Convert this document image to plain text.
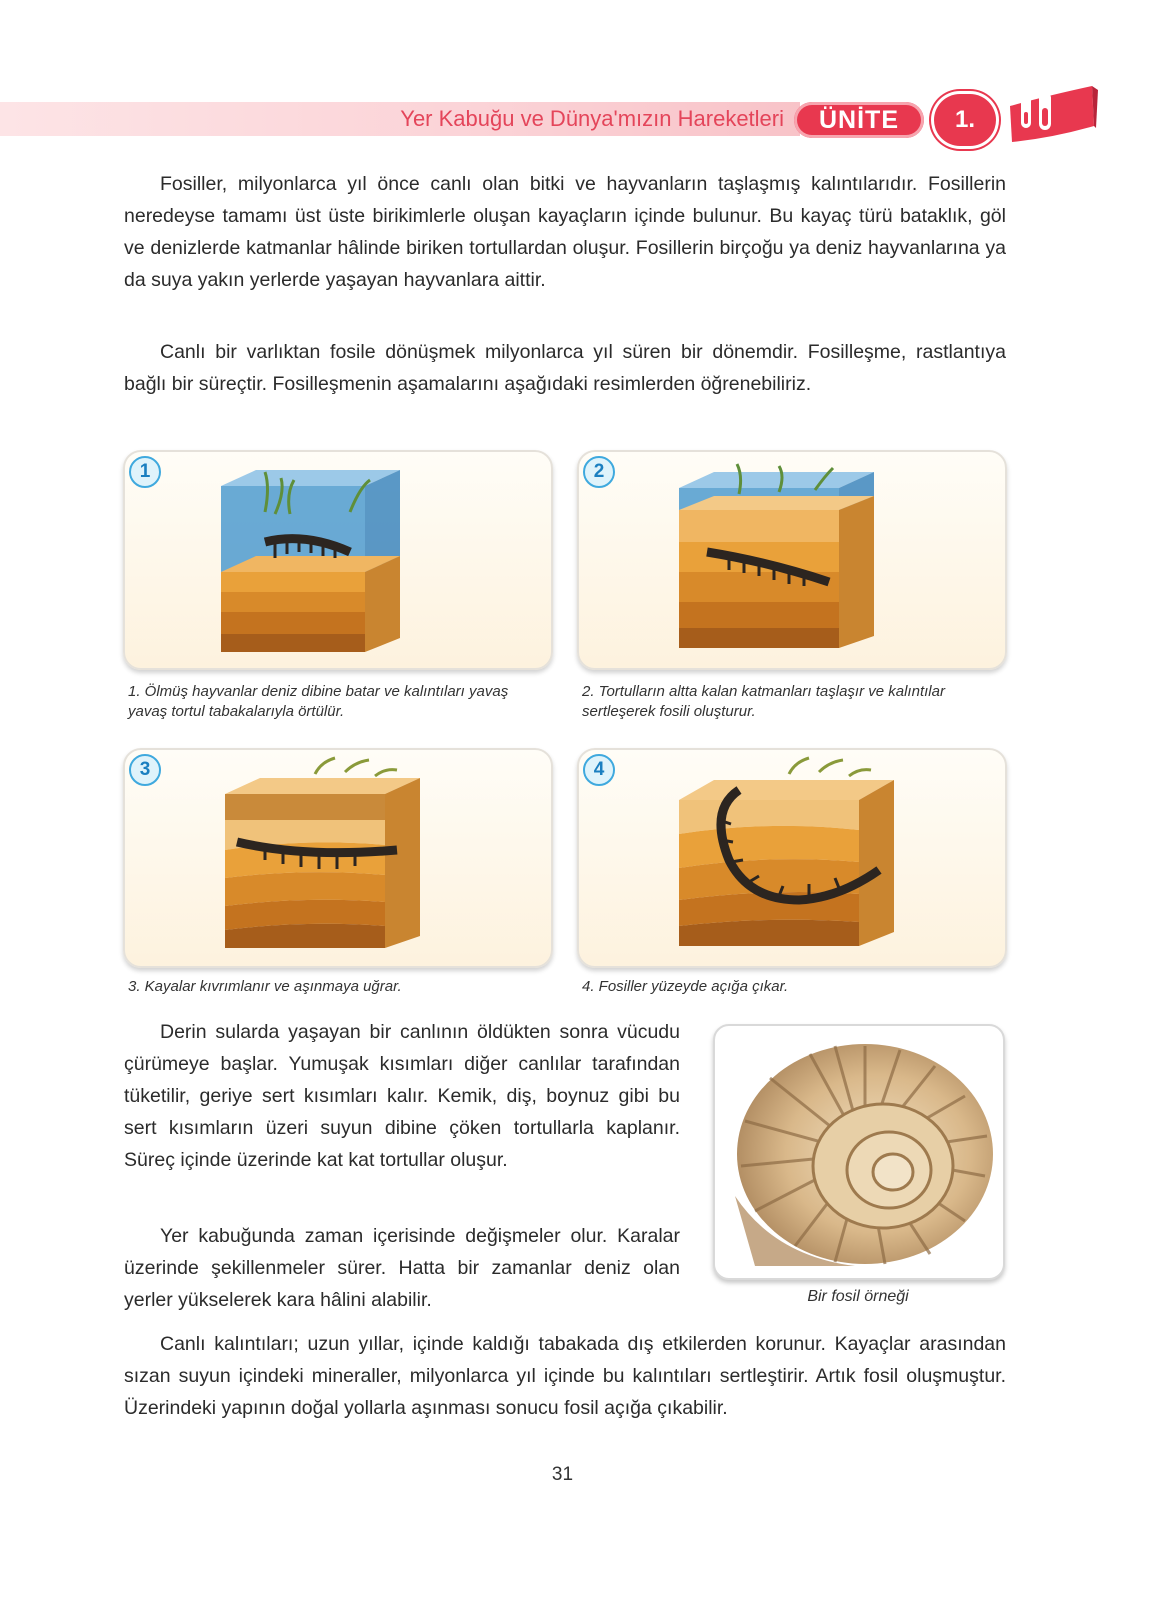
Yer Kabuğu ve Dünya'mızın Hareketleri	ÜNİTE	1.

Fosiller, milyonlarca yıl önce canlı olan bitki ve hayvanların taşlaşmış kalıntılarıdır. Fosillerin neredeyse tamamı üst üste birikimlerle oluşan kayaçların içinde bulunur. Bu kayaç türü bataklık, göl ve denizlerde katmanlar hâlinde biriken tortullardan oluşur. Fosillerin birçoğu ya deniz hayvanlarına ya da suya yakın yerlerde yaşayan hayvanlara aittir.

Canlı bir varlıktan fosile dönüşmek milyonlarca yıl süren bir dönemdir. Fosilleşme, rastlantıya bağlı bir süreçtir. Fosilleşmenin aşamalarını aşağıdaki resimlerden öğrenebiliriz.

1	2
3	4

1. Ölmüş hayvanlar deniz dibine batar ve kalıntıları yavaş yavaş tortul tabakalarıyla örtülür.

2. Tortulların altta kalan katmanları taşlaşır ve kalıntılar sertleşerek fosili oluşturur.

3. Kayalar kıvrımlanır ve aşınmaya uğrar.	4. Fosiller yüzeyde açığa çıkar.

Derin sularda yaşayan bir canlının öldükten sonra vücudu çürümeye başlar. Yumuşak kısımları diğer canlılar tarafından tüketilir, geriye sert kısımları kalır. Kemik, diş, boynuz gibi bu sert kısımların üzeri suyun dibine çöken tortullarla kaplanır. Süreç içinde üzerinde kat kat tortullar oluşur.

Yer kabuğunda zaman içerisinde değişmeler olur. Karalar üzerinde şekillenmeler sürer. Hatta bir zamanlar deniz olan yerler yükselerek kara hâlini alabilir.	Bir fosil örneği

Canlı kalıntıları; uzun yıllar, içinde kaldığı tabakada dış etkilerden korunur. Kayaçlar arasından sızan suyun içindeki mineraller, milyonlarca yıl içinde bu kalıntıları sertleştirir. Artık fosil oluşmuştur. Üzerindeki yapının doğal yollarla aşınması sonucu fosil açığa çıkabilir.

31
